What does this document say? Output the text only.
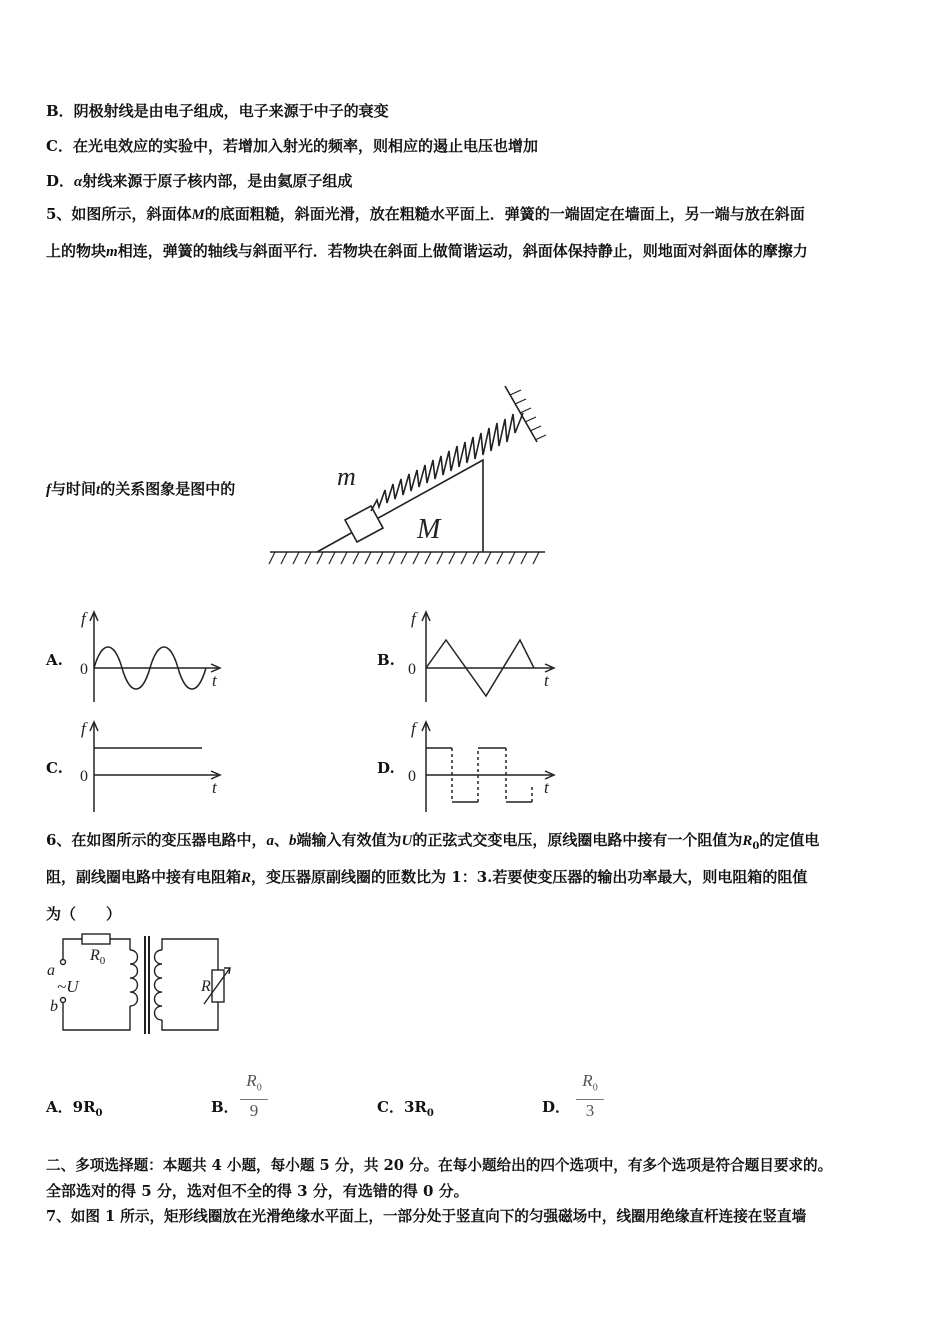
B．阴极射线是由电子组成，电子来源于中子的衰变
C．在光电效应的实验中，若增加入射光的频率，则相应的遏止电压也增加
D．α射线来源于原子核内部，是由氦原子组成
5、如图所示，斜面体M的底面粗糙，斜面光滑，放在粗糙水平面上．弹簧的一端固定在墙面上，另一端与放在斜面
上的物块m相连，弹簧的轴线与斜面平行．若物块在斜面上做简谐运动，斜面体保持静止，则地面对斜面体的摩擦力
f与时间t的关系图象是图中的	m
M
A.
f
0
t
B.
f
0
t
C.
f
0
t
D.
f
0
t
6、在如图所示的变压器电路中，a、b端输入有效值为U的正弦式交变电压，原线圈电路中接有一个阻值为$R_0$的定值电
阻，副线圈电路中接有电阻箱R，变压器原副线圈的匝数比为 1：3.若要使变压器的输出功率最大，则电阻箱的阻值
为（　　）
$R_0$
a
~U
b
R
A．$9R_0$	B．
$R_0$
9	C．$3R_0$	D．
$R_0$
3
二、多项选择题：本题共 4 小题，每小题 5 分，共 20 分。在每小题给出的四个选项中，有多个选项是符合题目要求的。
全部选对的得 5 分，选对但不全的得 3 分，有选错的得 0 分。
7、如图 1 所示，矩形线圈放在光滑绝缘水平面上，一部分处于竖直向下的匀强磁场中，线圈用绝缘直杆连接在竖直墙
